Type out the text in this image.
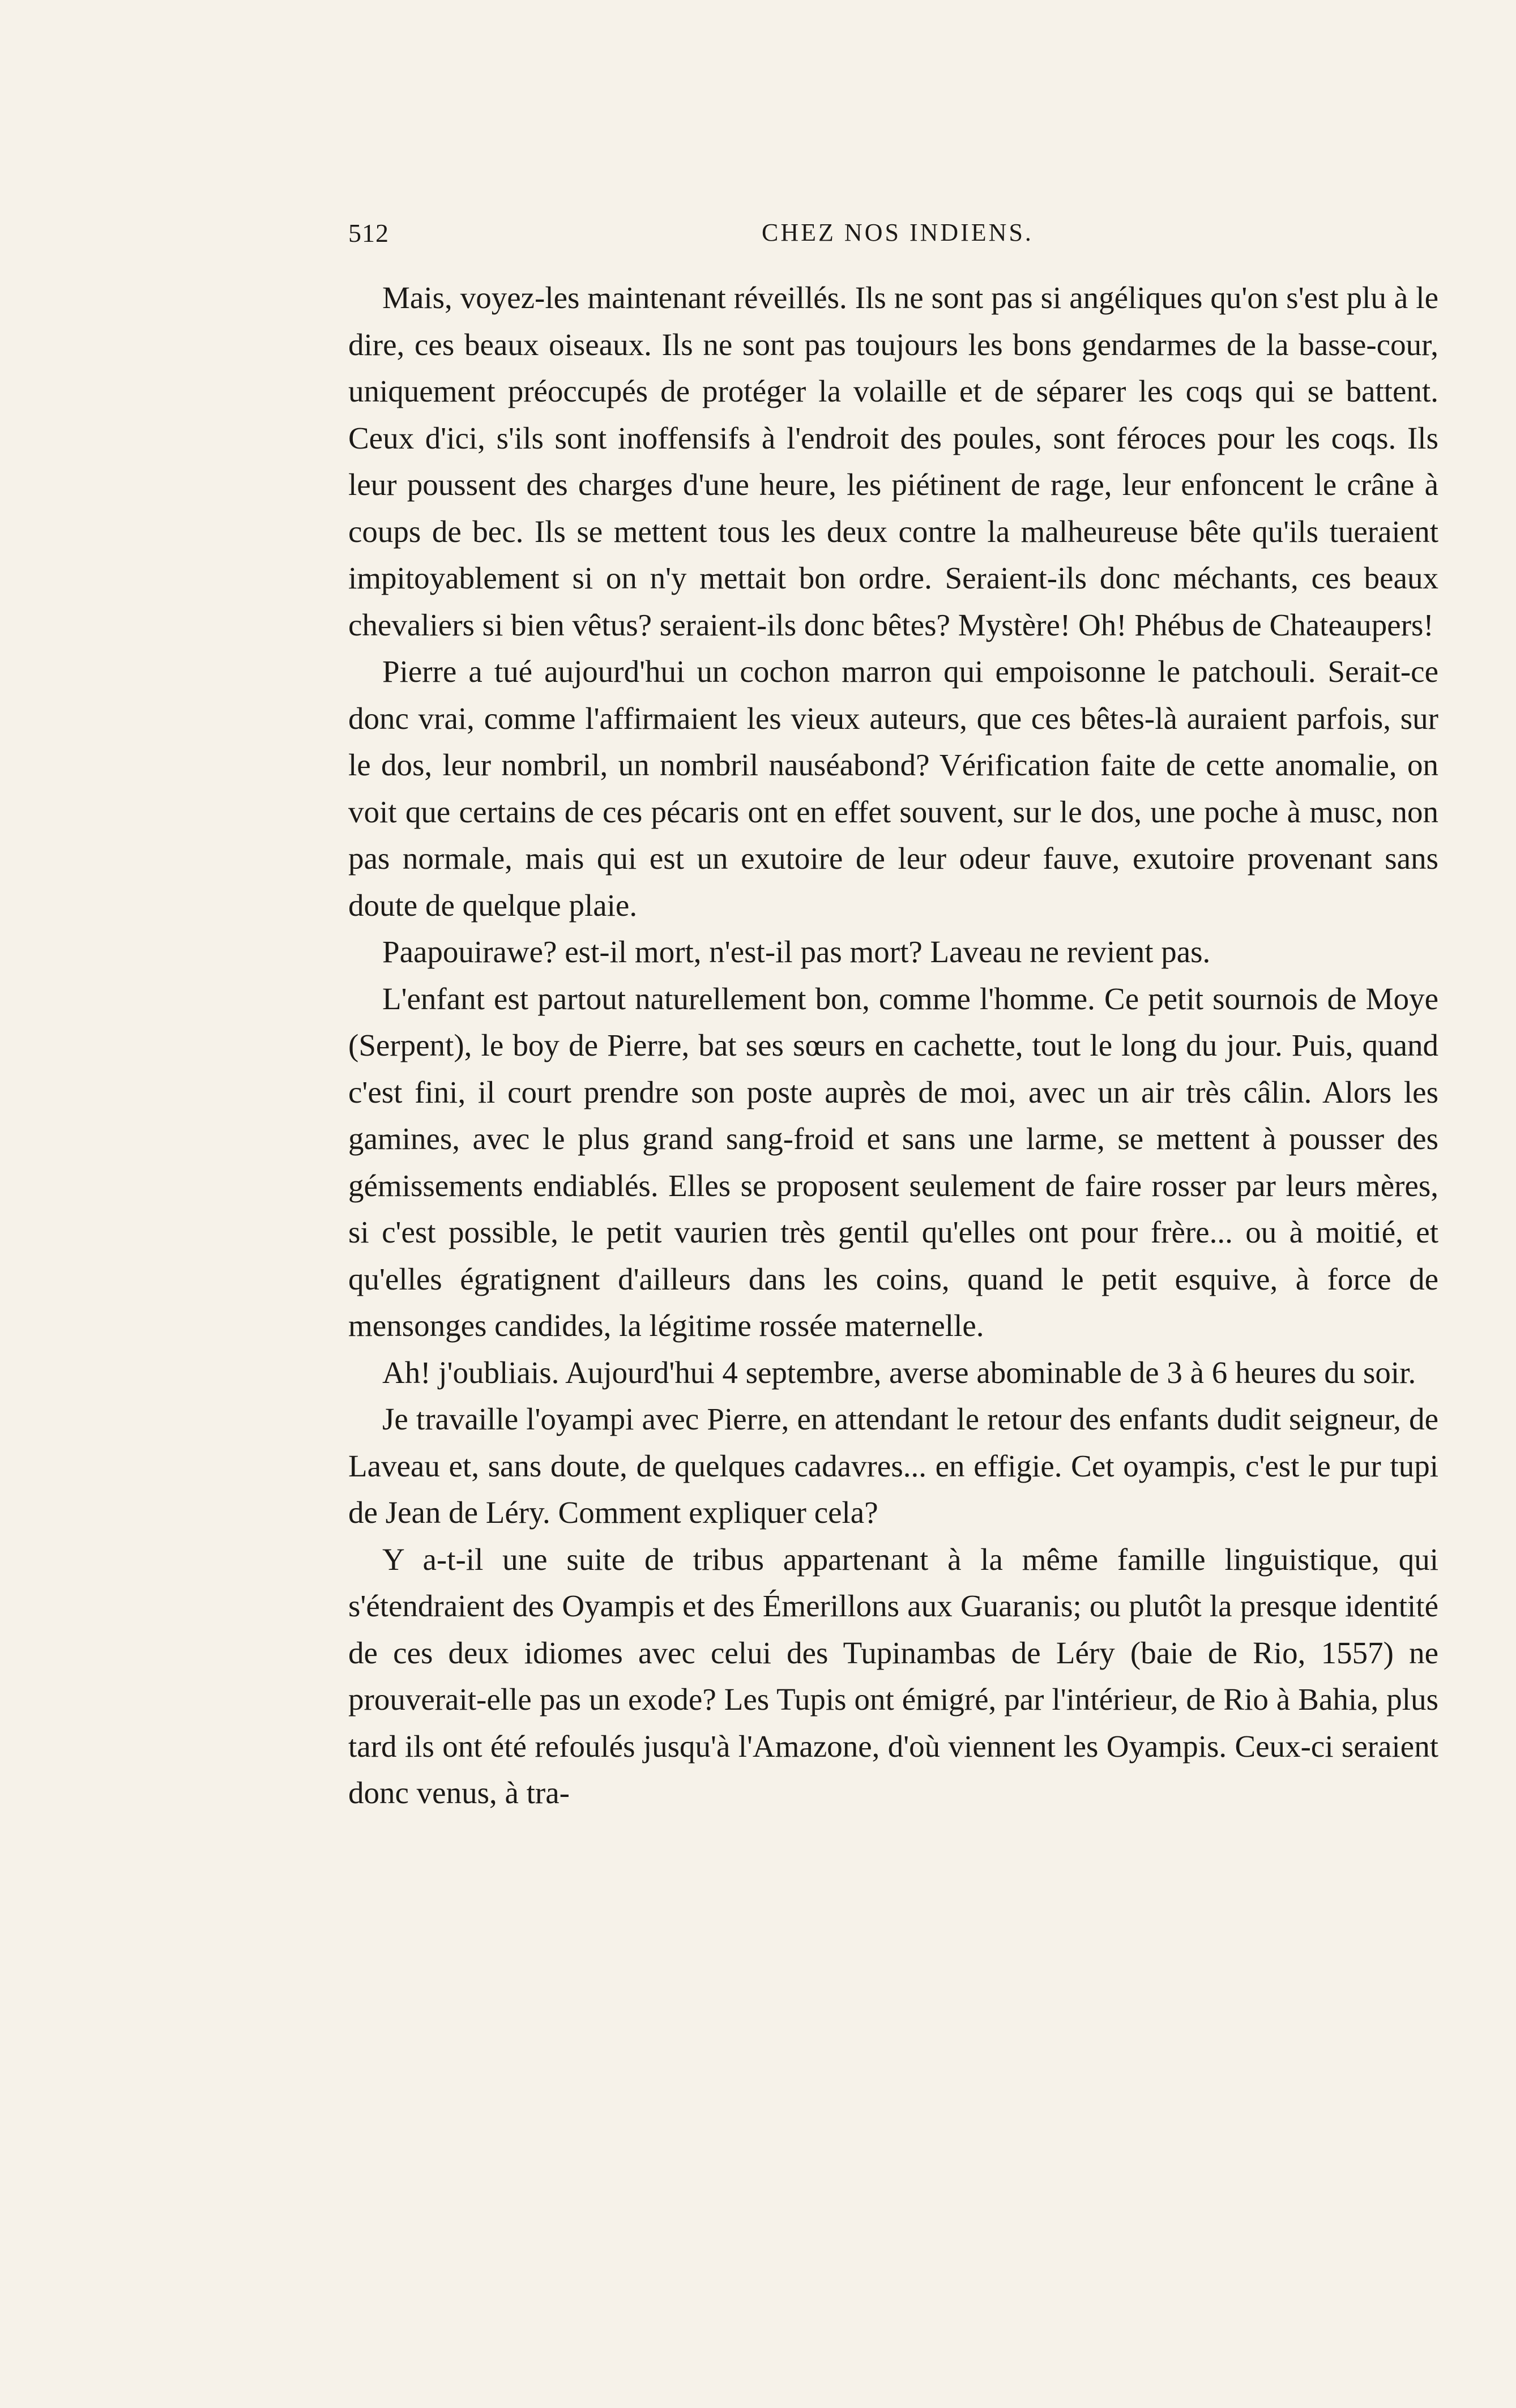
512	CHEZ NOS INDIENS.

Mais, voyez-les maintenant réveillés. Ils ne sont pas si angéliques qu'on s'est plu à le dire, ces beaux oiseaux. Ils ne sont pas toujours les bons gendarmes de la basse-cour, uniquement préoccupés de protéger la volaille et de séparer les coqs qui se battent. Ceux d'ici, s'ils sont inoffensifs à l'endroit des poules, sont féroces pour les coqs. Ils leur poussent des charges d'une heure, les piétinent de rage, leur enfoncent le crâne à coups de bec. Ils se mettent tous les deux contre la malheureuse bête qu'ils tueraient impitoyablement si on n'y mettait bon ordre. Seraient-ils donc méchants, ces beaux chevaliers si bien vêtus? seraient-ils donc bêtes? Mystère! Oh! Phébus de Chateaupers!

Pierre a tué aujourd'hui un cochon marron qui empoisonne le patchouli. Serait-ce donc vrai, comme l'affirmaient les vieux auteurs, que ces bêtes-là auraient parfois, sur le dos, leur nombril, un nombril nauséabond? Vérification faite de cette anomalie, on voit que certains de ces pécaris ont en effet souvent, sur le dos, une poche à musc, non pas normale, mais qui est un exutoire de leur odeur fauve, exutoire provenant sans doute de quelque plaie.

Paapouirawe? est-il mort, n'est-il pas mort? Laveau ne revient pas.

L'enfant est partout naturellement bon, comme l'homme. Ce petit sournois de Moye (Serpent), le boy de Pierre, bat ses sœurs en cachette, tout le long du jour. Puis, quand c'est fini, il court prendre son poste auprès de moi, avec un air très câlin. Alors les gamines, avec le plus grand sang-froid et sans une larme, se mettent à pousser des gémissements endiablés. Elles se proposent seulement de faire rosser par leurs mères, si c'est possible, le petit vaurien très gentil qu'elles ont pour frère... ou à moitié, et qu'elles égratignent d'ailleurs dans les coins, quand le petit esquive, à force de mensonges candides, la légitime rossée maternelle.

Ah! j'oubliais. Aujourd'hui 4 septembre, averse abominable de 3 à 6 heures du soir.

Je travaille l'oyampi avec Pierre, en attendant le retour des enfants dudit seigneur, de Laveau et, sans doute, de quelques cadavres... en effigie. Cet oyampis, c'est le pur tupi de Jean de Léry. Comment expliquer cela?

Y a-t-il une suite de tribus appartenant à la même famille linguistique, qui s'étendraient des Oyampis et des Émerillons aux Guaranis; ou plutôt la presque identité de ces deux idiomes avec celui des Tupinambas de Léry (baie de Rio, 1557) ne prouverait-elle pas un exode? Les Tupis ont émigré, par l'intérieur, de Rio à Bahia, plus tard ils ont été refoulés jusqu'à l'Amazone, d'où viennent les Oyampis. Ceux-ci seraient donc venus, à tra-
